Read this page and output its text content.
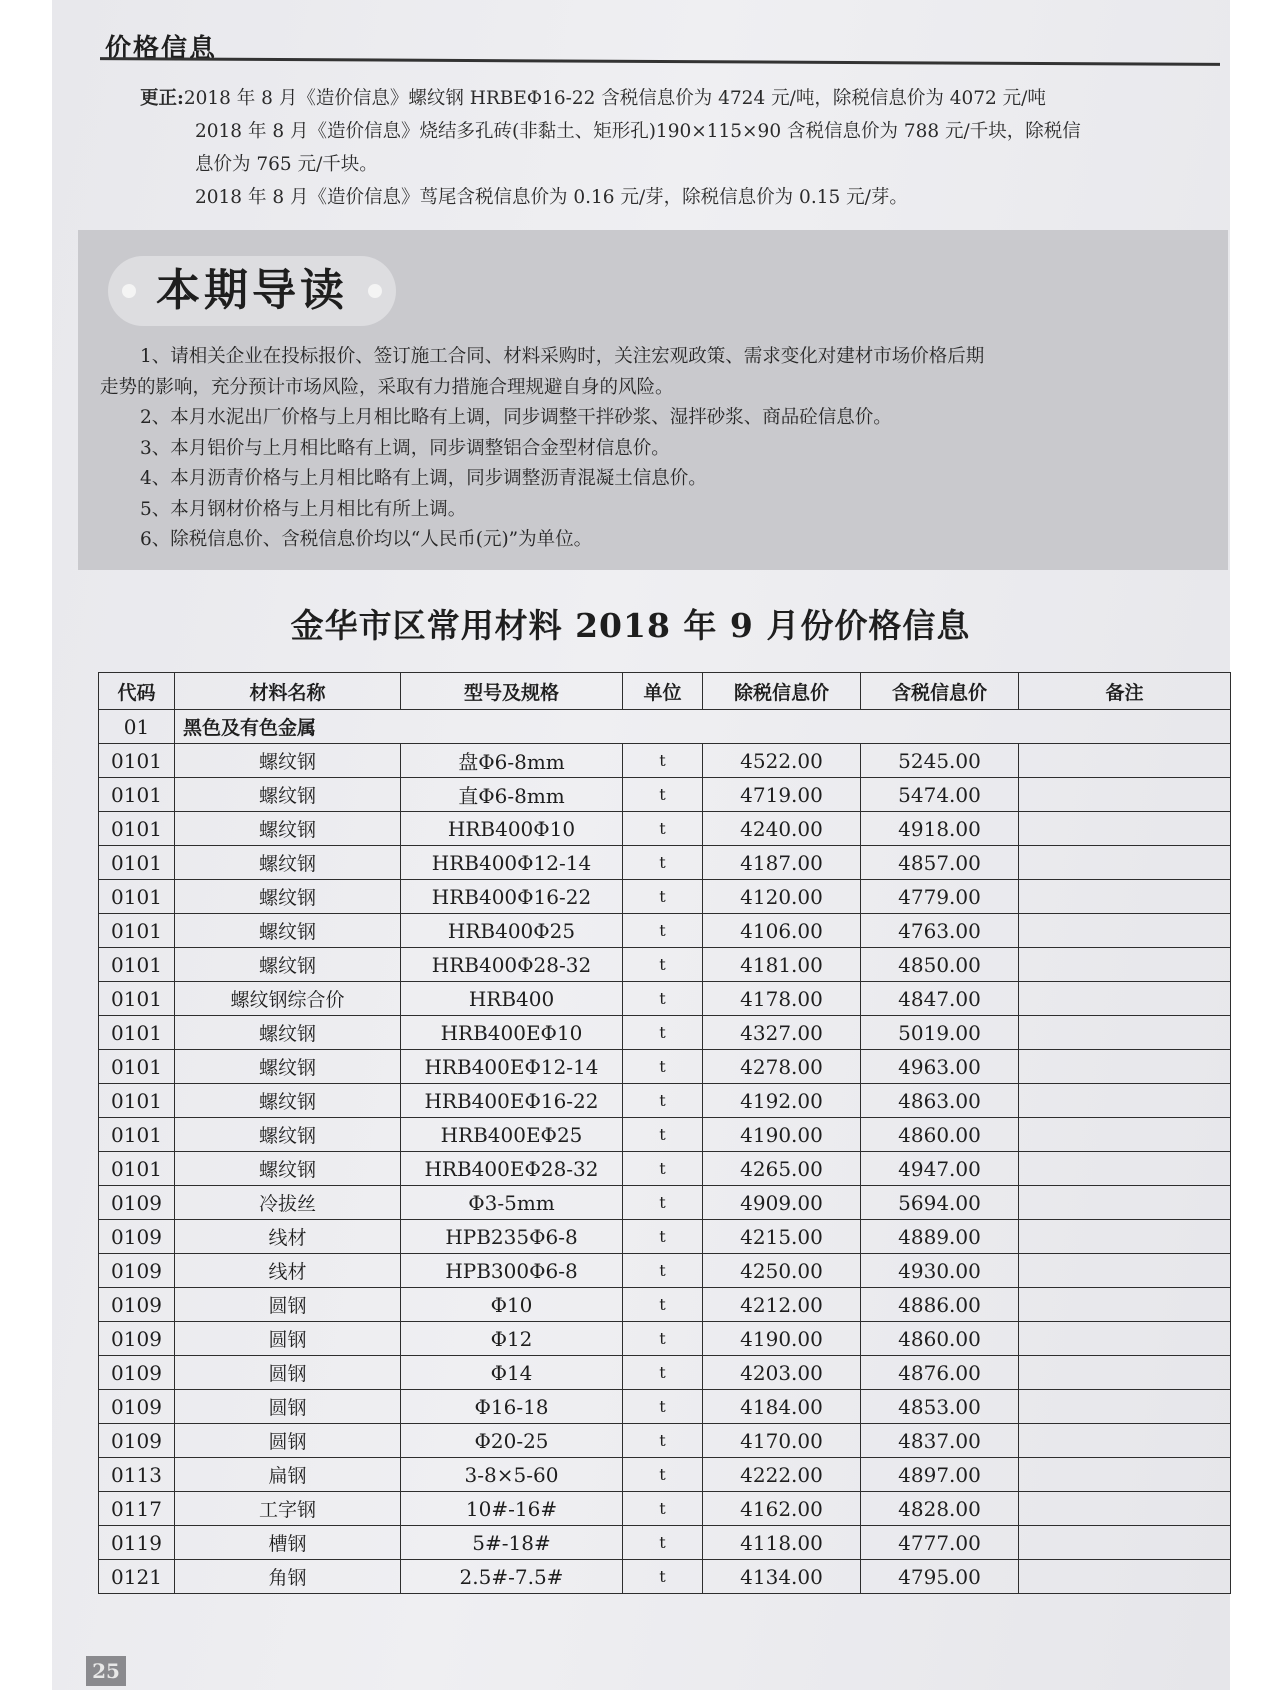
价格信息
更正:2018 年 8 月《造价信息》螺纹钢 HRBEΦ16-22 含税信息价为 4724 元/吨，除税信息价为 4072 元/吨
2018 年 8 月《造价信息》烧结多孔砖(非黏土、矩形孔)190×115×90 含税信息价为 788 元/千块，除税信
息价为 765 元/千块。
2018 年 8 月《造价信息》茑尾含税信息价为 0.16 元/芽，除税信息价为 0.15 元/芽。
本期导读
1、请相关企业在投标报价、签订施工合同、材料采购时，关注宏观政策、需求变化对建材市场价格后期
走势的影响，充分预计市场风险，采取有力措施合理规避自身的风险。
2、本月水泥出厂价格与上月相比略有上调，同步调整干拌砂浆、湿拌砂浆、商品砼信息价。
3、本月铝价与上月相比略有上调，同步调整铝合金型材信息价。
4、本月沥青价格与上月相比略有上调，同步调整沥青混凝土信息价。
5、本月钢材价格与上月相比有所上调。
6、除税信息价、含税信息价均以“人民币(元)”为单位。
金华市区常用材料 2018 年 9 月份价格信息
代码	材料名称	型号及规格	单位	除税信息价	含税信息价	备注
01	黑色及有色金属					
0101	螺纹钢	盘Φ6-8mm	t	4522.00	5245.00	
0101	螺纹钢	直Φ6-8mm	t	4719.00	5474.00	
0101	螺纹钢	HRB400Φ10	t	4240.00	4918.00	
0101	螺纹钢	HRB400Φ12-14	t	4187.00	4857.00	
0101	螺纹钢	HRB400Φ16-22	t	4120.00	4779.00	
0101	螺纹钢	HRB400Φ25	t	4106.00	4763.00	
0101	螺纹钢	HRB400Φ28-32	t	4181.00	4850.00	
0101	螺纹钢综合价	HRB400	t	4178.00	4847.00	
0101	螺纹钢	HRB400EΦ10	t	4327.00	5019.00	
0101	螺纹钢	HRB400EΦ12-14	t	4278.00	4963.00	
0101	螺纹钢	HRB400EΦ16-22	t	4192.00	4863.00	
0101	螺纹钢	HRB400EΦ25	t	4190.00	4860.00	
0101	螺纹钢	HRB400EΦ28-32	t	4265.00	4947.00	
0109	冷拔丝	Φ3-5mm	t	4909.00	5694.00	
0109	线材	HPB235Φ6-8	t	4215.00	4889.00	
0109	线材	HPB300Φ6-8	t	4250.00	4930.00	
0109	圆钢	Φ10	t	4212.00	4886.00	
0109	圆钢	Φ12	t	4190.00	4860.00	
0109	圆钢	Φ14	t	4203.00	4876.00	
0109	圆钢	Φ16-18	t	4184.00	4853.00	
0109	圆钢	Φ20-25	t	4170.00	4837.00	
0113	扁钢	3-8×5-60	t	4222.00	4897.00	
0117	工字钢	10#-16#	t	4162.00	4828.00	
0119	槽钢	5#-18#	t	4118.00	4777.00	
0121	角钢	2.5#-7.5#	t	4134.00	4795.00	
25
